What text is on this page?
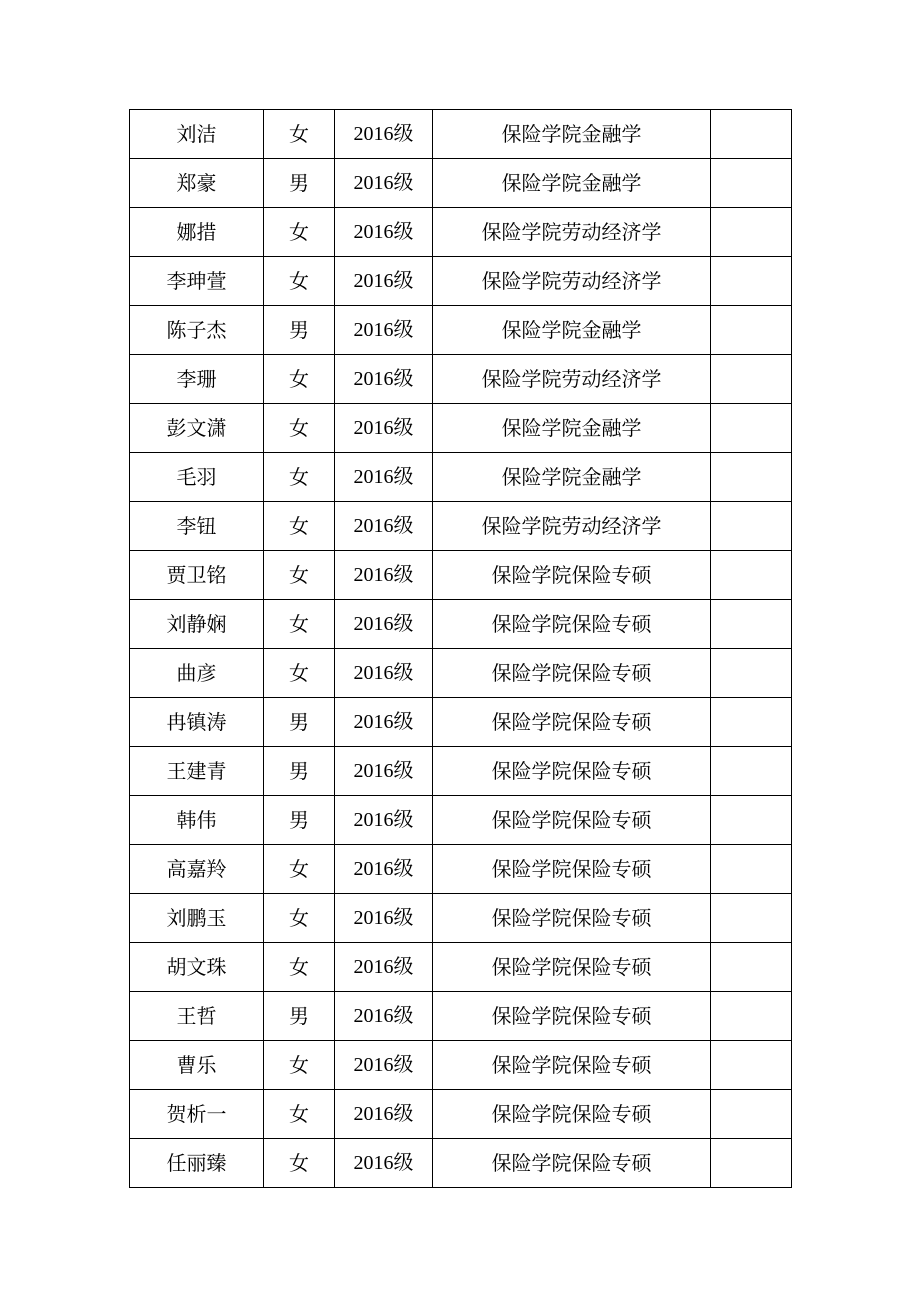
刘洁	女	2016级	保险学院金融学	
郑豪	男	2016级	保险学院金融学	
娜措	女	2016级	保险学院劳动经济学	
李珅萱	女	2016级	保险学院劳动经济学	
陈子杰	男	2016级	保险学院金融学	
李珊	女	2016级	保险学院劳动经济学	
彭文潇	女	2016级	保险学院金融学	
毛羽	女	2016级	保险学院金融学	
李钮	女	2016级	保险学院劳动经济学	
贾卫铭	女	2016级	保险学院保险专硕	
刘静娴	女	2016级	保险学院保险专硕	
曲彦	女	2016级	保险学院保险专硕	
冉镇涛	男	2016级	保险学院保险专硕	
王建青	男	2016级	保险学院保险专硕	
韩伟	男	2016级	保险学院保险专硕	
高嘉羚	女	2016级	保险学院保险专硕	
刘鹏玉	女	2016级	保险学院保险专硕	
胡文珠	女	2016级	保险学院保险专硕	
王哲	男	2016级	保险学院保险专硕	
曹乐	女	2016级	保险学院保险专硕	
贺析一	女	2016级	保险学院保险专硕	
任丽臻	女	2016级	保险学院保险专硕	
